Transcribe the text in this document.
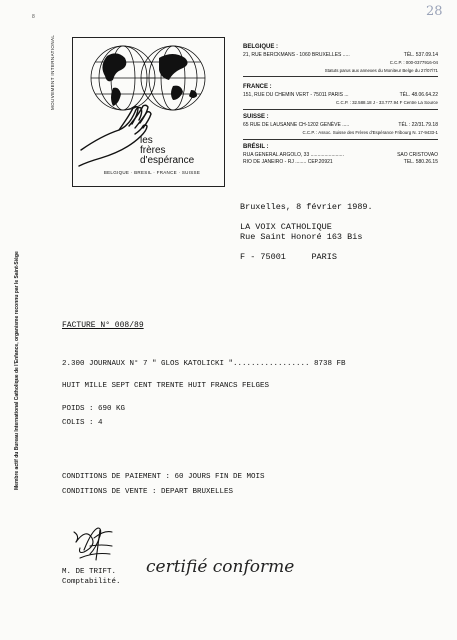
8	28
MOUVEMENT INTERNATIONAL
les
frères
d'espérance
BELGIQUE · BRESIL · FRANCE · SUISSE
BELGIQUE :
21, RUE BERCKMANS - 1060 BRUXELLES .....	TÉL. 537.09.14
C.C.P. : 000-0377916-04
Statuts parus aux annexes du Moniteur Belge du 27/07/71
FRANCE :
151, RUE DU CHEMIN VERT - 75011 PARIS ...	TÉL. 48.06.64.22
C.C.P. : 32.588.18 J - 33.777.94 F Centre La Source
SUISSE :
65 RUE DE LAUSANNE CH-1202 GENÈVE .....	TÉL : 22/31.79.18
C.C.P. : Assoc. Suisse des Frères d'Espérance Fribourg N. 17-9433-1
BRÉSIL :
RUA GENERAL ARGOLO, 33 ........................	SAO CRISTOVAO
RIO DE JANEIRO - RJ ........ CEP.20921	TEL. 580.26.15
Bruxelles, 8 février 1989.
LA VOIX CATHOLIQUE
Rue Saint Honoré 163 Bis
F - 75001	PARIS
Membre actif du Bureau International Catholique de l'Enfance, organisme reconnu par le Saint-Siège	FACTURE N° 008/89
2.300 JOURNAUX N° 7 " GLOS KATOLICKI "................. 8738 FB
HUIT MILLE SEPT CENT TRENTE HUIT FRANCS FELGES
POIDS : 690 KG
COLIS : 4
CONDITIONS DE PAIEMENT : 60 JOURS FIN DE MOIS
CONDITIONS DE VENTE : DEPART BRUXELLES
M. DE TRIFT.
Comptabilité.
certifié conforme
